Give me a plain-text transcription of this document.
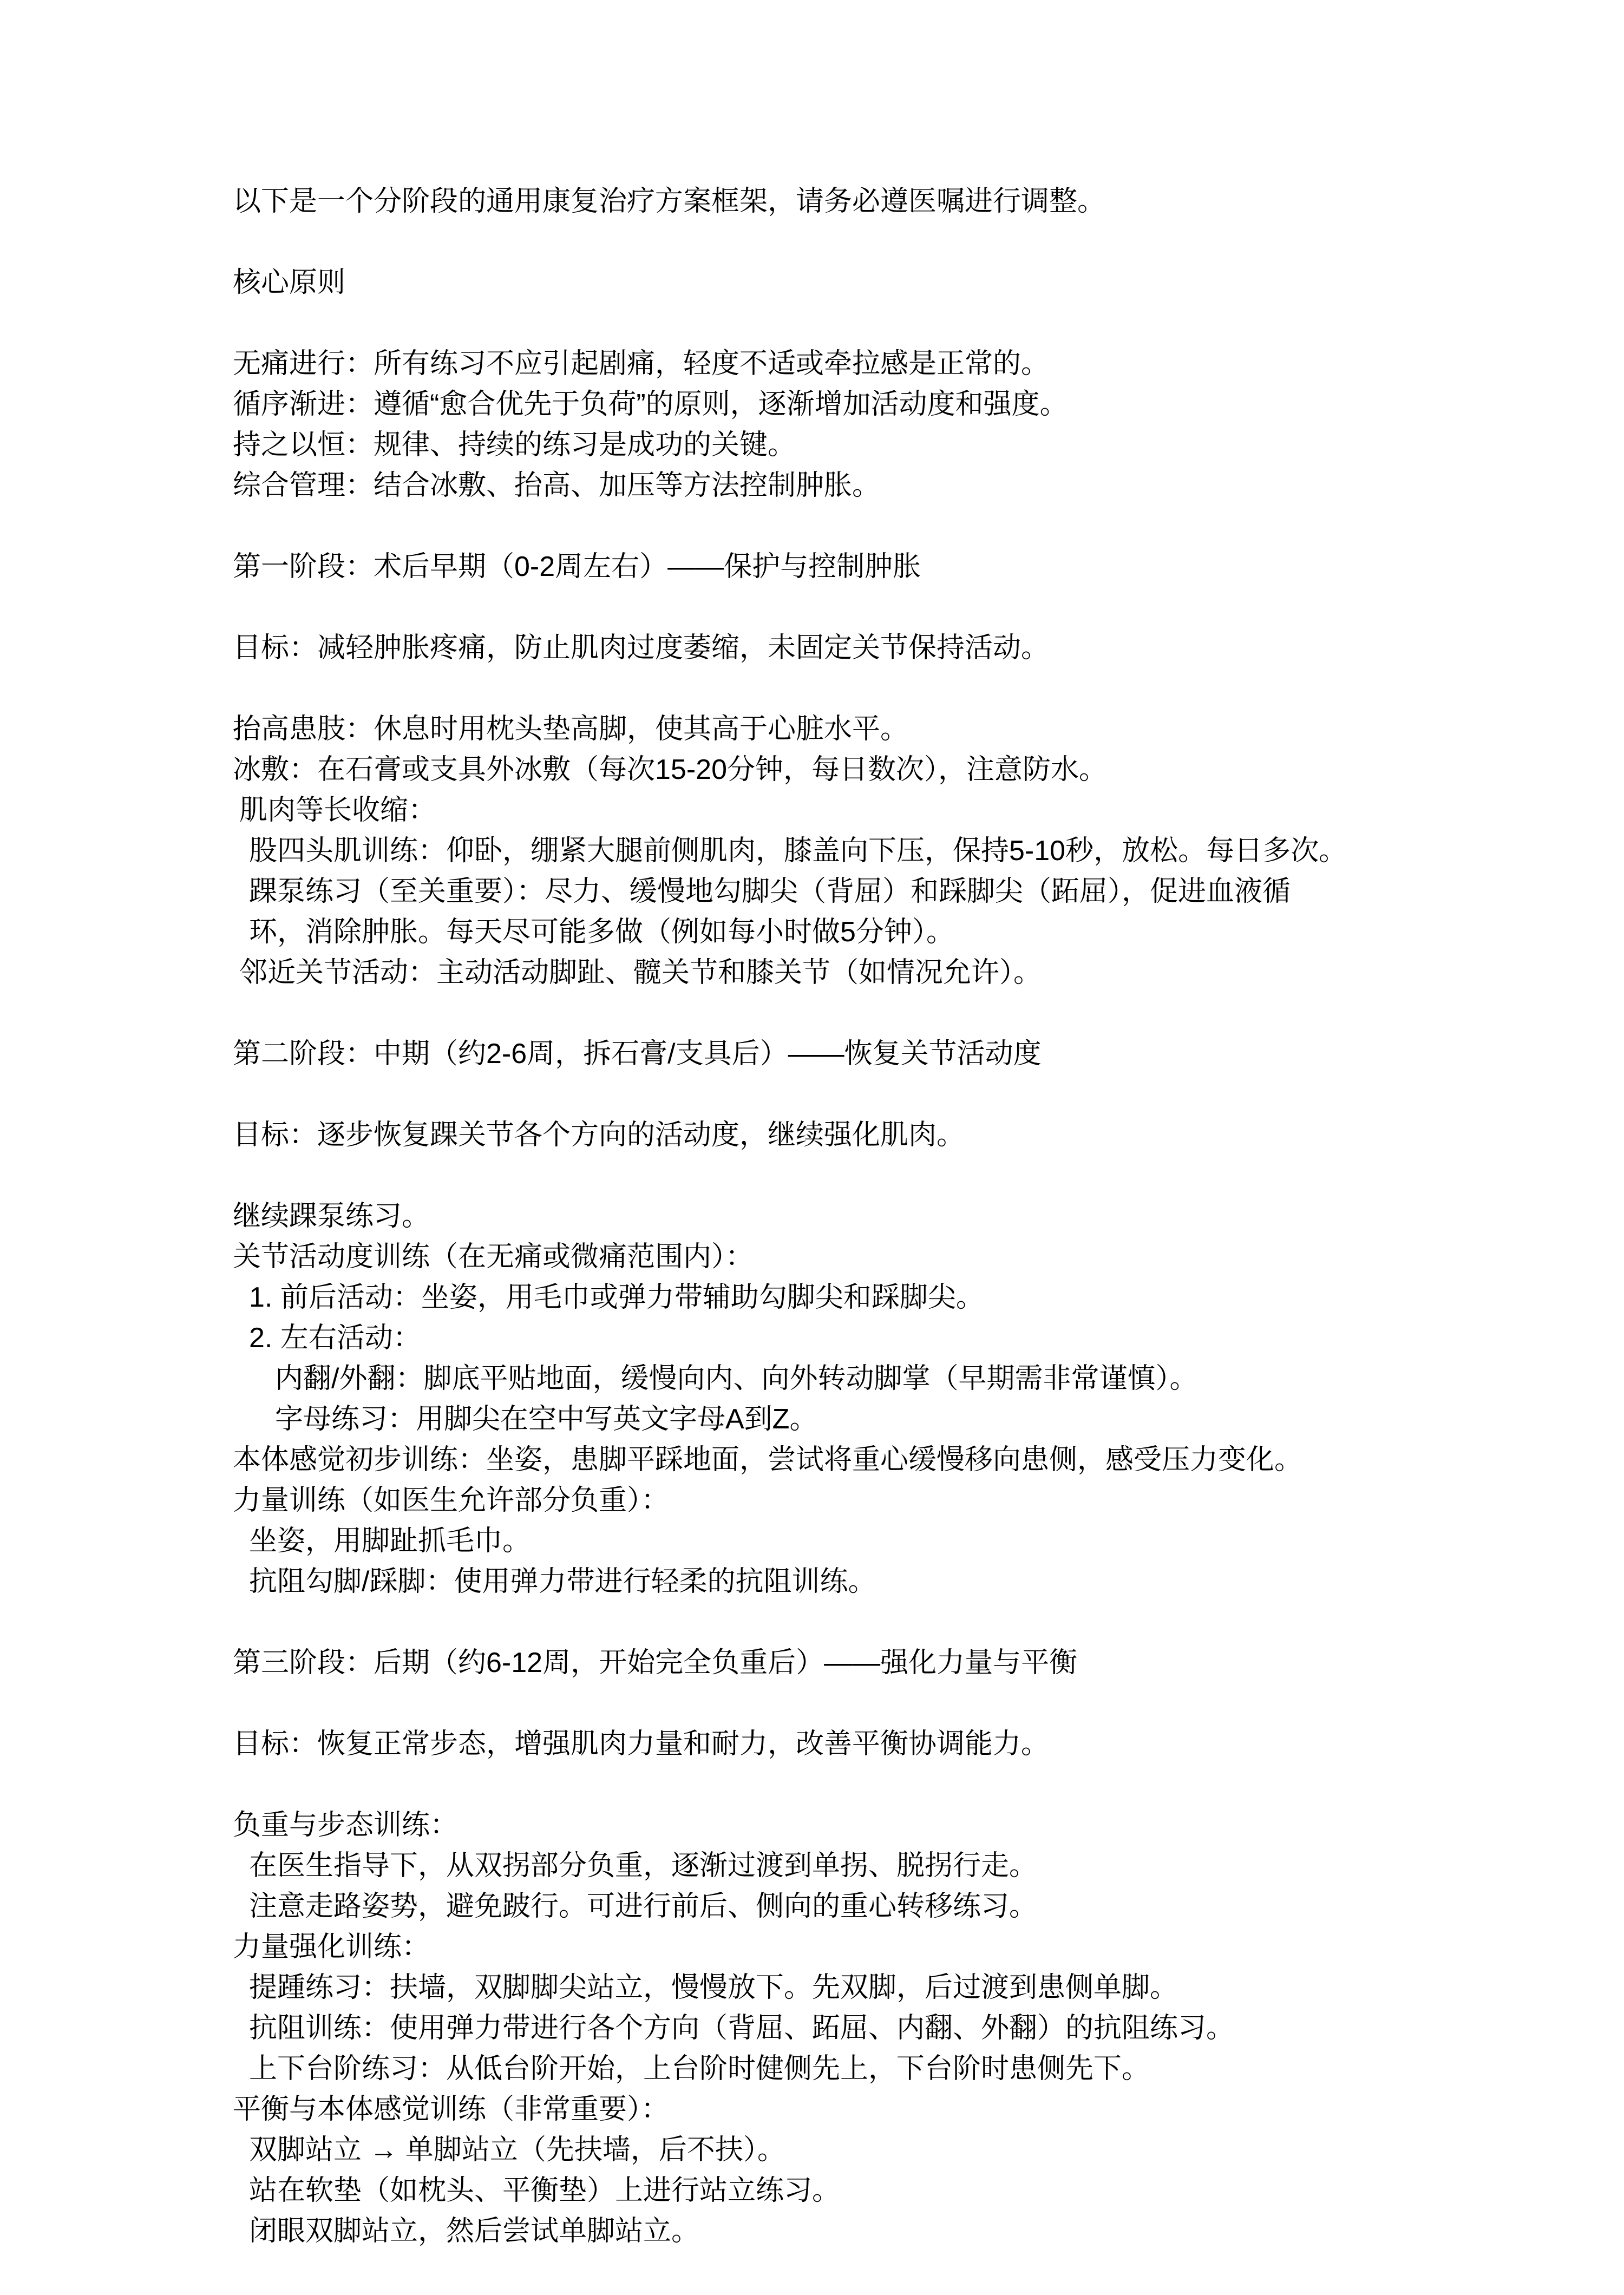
以下是一个分阶段的通用康复治疗方案框架，请务必遵医嘱进行调整。
核心原则
无痛进行：所有练习不应引起剧痛，轻度不适或牵拉感是正常的。
循序渐进：遵循“愈合优先于负荷”的原则，逐渐增加活动度和强度。
持之以恒：规律、持续的练习是成功的关键。
综合管理：结合冰敷、抬高、加压等方法控制肿胀。
第一阶段：术后早期（0-2周左右）——保护与控制肿胀
目标：减轻肿胀疼痛，防止肌肉过度萎缩，未固定关节保持活动。
抬高患肢：休息时用枕头垫高脚，使其高于心脏水平。
冰敷：在石膏或支具外冰敷（每次15-20分钟，每日数次），注意防水。
肌肉等长收缩：
股四头肌训练：仰卧，绷紧大腿前侧肌肉，膝盖向下压，保持5-10秒，放松。每日多次。
踝泵练习（至关重要）：尽力、缓慢地勾脚尖（背屈）和踩脚尖（跖屈），促进血液循
环，消除肿胀。每天尽可能多做（例如每小时做5分钟）。
邻近关节活动：主动活动脚趾、髋关节和膝关节（如情况允许）。
第二阶段：中期（约2-6周，拆石膏/支具后）——恢复关节活动度
目标：逐步恢复踝关节各个方向的活动度，继续强化肌肉。
继续踝泵练习。
关节活动度训练（在无痛或微痛范围内）：
1. 前后活动：坐姿，用毛巾或弹力带辅助勾脚尖和踩脚尖。
2. 左右活动：
内翻/外翻：脚底平贴地面，缓慢向内、向外转动脚掌（早期需非常谨慎）。
字母练习：用脚尖在空中写英文字母A到Z。
本体感觉初步训练：坐姿，患脚平踩地面，尝试将重心缓慢移向患侧，感受压力变化。
力量训练（如医生允许部分负重）：
坐姿，用脚趾抓毛巾。
抗阻勾脚/踩脚：使用弹力带进行轻柔的抗阻训练。
第三阶段：后期（约6-12周，开始完全负重后）——强化力量与平衡
目标：恢复正常步态，增强肌肉力量和耐力，改善平衡协调能力。
负重与步态训练：
在医生指导下，从双拐部分负重，逐渐过渡到单拐、脱拐行走。
注意走路姿势，避免跛行。可进行前后、侧向的重心转移练习。
力量强化训练：
提踵练习：扶墙，双脚脚尖站立，慢慢放下。先双脚，后过渡到患侧单脚。
抗阻训练：使用弹力带进行各个方向（背屈、跖屈、内翻、外翻）的抗阻练习。
上下台阶练习：从低台阶开始，上台阶时健侧先上，下台阶时患侧先下。
平衡与本体感觉训练（非常重要）：
双脚站立 → 单脚站立（先扶墙，后不扶）。
站在软垫（如枕头、平衡垫）上进行站立练习。
闭眼双脚站立，然后尝试单脚站立。
